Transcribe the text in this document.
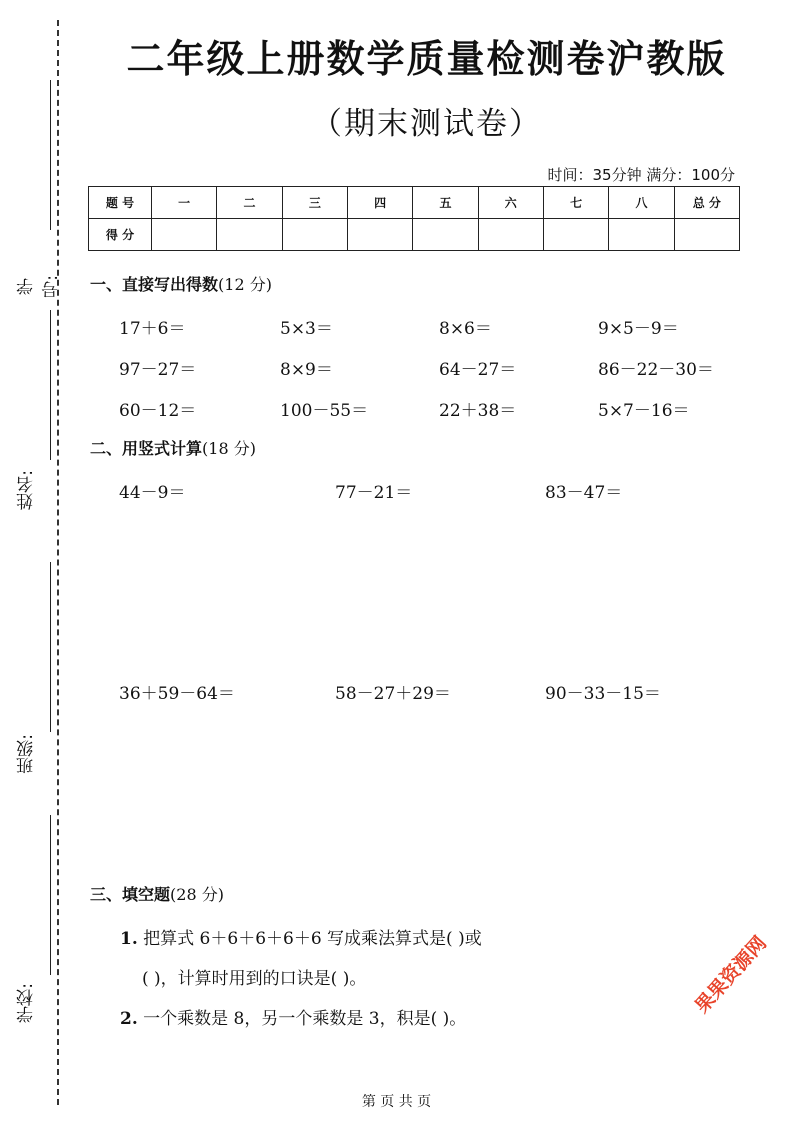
学号:
姓名:
班级:
学校:
二年级上册数学质量检测卷沪教版
（期末测试卷）
时间：35分钟 满分：100分
题 号	一	二	三	四	五	六	七	八	总 分
得 分									
一、直接写出得数(12 分)
17＋6＝	5×3＝	8×6＝	9×5－9＝
97－27＝	8×9＝	64－27＝	86－22－30＝
60－12＝	100－55＝	22＋38＝	5×7－16＝
二、用竖式计算(18 分)
44－9＝	77－21＝	83－47＝
36＋59－64＝	58－27＋29＝	90－33－15＝
三、填空题(28 分)
1. 把算式 6＋6＋6＋6＋6 写成乘法算式是( )或
( )，计算时用到的口诀是( )。
2. 一个乘数是 8，另一个乘数是 3，积是( )。
果果资源网
第 页 共 页
